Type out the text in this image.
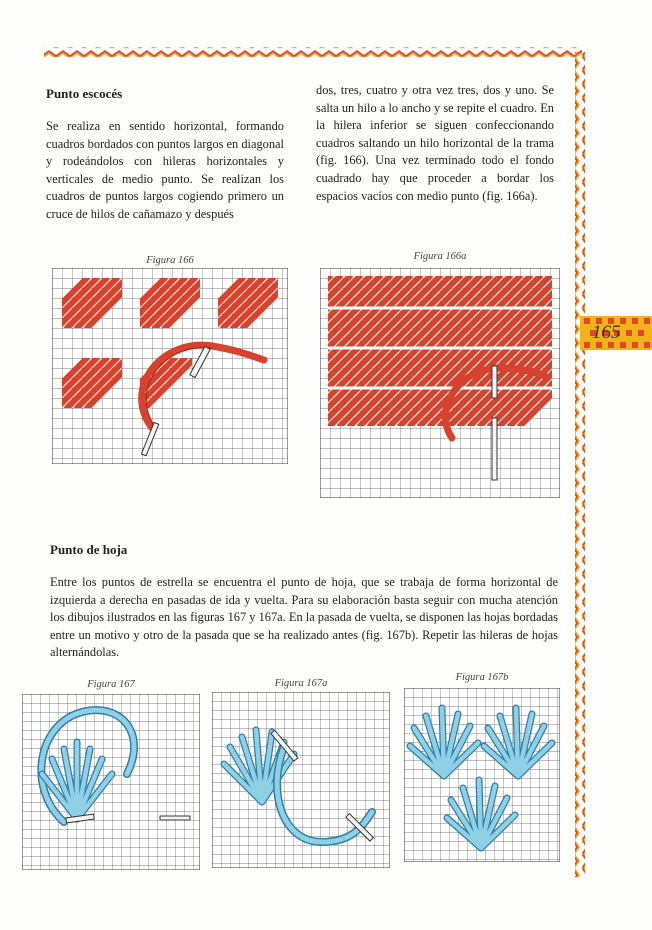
165
Punto escocés

Se realiza en sentido horizontal, formando cuadros bordados con puntos largos en diagonal y rodeándolos con hileras horizontales y verticales de medio punto. Se realizan los cuadros de puntos largos cogiendo primero un cruce de hilos de cañamazo y después

dos, tres, cuatro y otra vez tres, dos y uno. Se salta un hilo a lo ancho y se repite el cuadro. En la hilera inferior se siguen confeccionando cuadros saltando un hilo horizontal de la trama (fig. 166). Una vez terminado todo el fondo cuadrado hay que proceder a bordar los espacios vacíos con medio punto (fig. 166a).

Figura 166	Figura 166a
Punto de hoja

Entre los puntos de estrella se encuentra el punto de hoja, que se trabaja de forma horizontal de izquierda a derecha en pasadas de ida y vuelta. Para su elaboración basta seguir con mucha atención los dibujos ilustrados en las figuras 167 y 167a. En la pasada de vuelta, se disponen las hojas bordadas entre un motivo y otro de la pasada que se ha realizado antes (fig. 167b). Repetir las hileras de hojas alternándolas.

Figura 167	Figura 167a
Figura 167b
